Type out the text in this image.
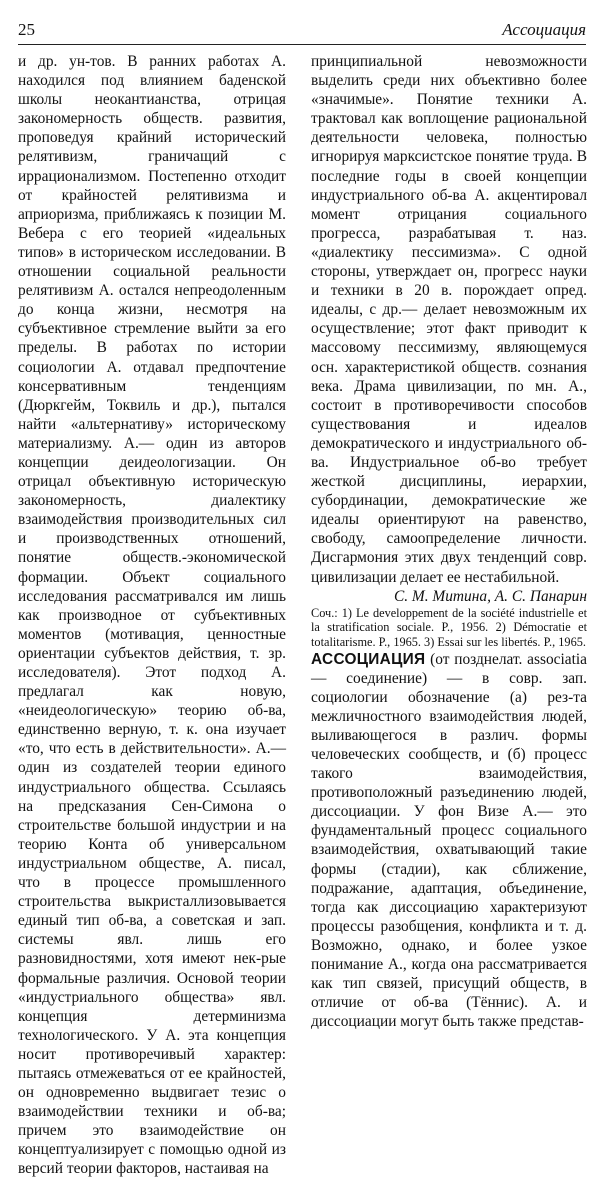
25	Ассоциация

и др. ун-тов. В ранних работах А. находился под влиянием баденской школы неокантианства, отрицая закономерность обществ. развития, проповедуя крайний исторический релятивизм, граничащий с иррационализмом. Постепенно отходит от крайностей релятивизма и априоризма, приближаясь к позиции М. Вебера с его теорией «идеальных типов» в историческом исследовании. В отношении социальной реальности релятивизм А. остался непреодоленным до конца жизни, несмотря на субъективное стремление выйти за его пределы. В работах по истории социологии А. отдавал предпочтение консервативным тенденциям (Дюркгейм, Токвиль и др.), пытался найти «альтернативу» историческому материализму. А.— один из авторов концепции деидеологизации. Он отрицал объективную историческую закономерность, диалектику взаимодействия производительных сил и производственных отношений, понятие обществ.-экономической формации. Объект социального исследования рассматривался им лишь как производное от субъективных моментов (мотивация, ценностные ориентации субъектов действия, т. зр. исследователя). Этот подход А. предлагал как новую, «неидеологическую» теорию об-ва, единственно верную, т. к. она изучает «то, что есть в действительности». А.— один из создателей теории единого индустриального общества. Ссылаясь на предсказания Сен-Симона о строительстве большой индустрии и на теорию Конта об универсальном индустриальном обществе, А. писал, что в процессе промышленного строительства выкристаллизовывается единый тип об-ва, а советская и зап. системы явл. лишь его разновидностями, хотя имеют нек-рые формальные различия. Основой теории «индустриального общества» явл. концепция детерминизма технологического. У А. эта концепция носит противоречивый характер: пытаясь отмежеваться от ее крайностей, он одновременно выдвигает тезис о взаимодействии техники и об-ва; причем это взаимодействие он концептуализирует с помощью одной из версий теории факторов, настаивая на

принципиальной невозможности выделить среди них объективно более «значимые». Понятие техники А. трактовал как воплощение рациональной деятельности человека, полностью игнорируя марксистское понятие труда. В последние годы в своей концепции индустриального об-ва А. акцентировал момент отрицания социального прогресса, разрабатывая т. наз. «диалектику пессимизма». С одной стороны, утверждает он, прогресс науки и техники в 20 в. порождает опред. идеалы, с др.— делает невозможным их осуществление; этот факт приводит к массовому пессимизму, являющемуся осн. характеристикой обществ. сознания века. Драма цивилизации, по мн. А., состоит в противоречивости способов существования и идеалов демократического и индустриального об-ва. Индустриальное об-во требует жесткой дисциплины, иерархии, субординации, демократические же идеалы ориентируют на равенство, свободу, самоопределение личности. Дисгармония этих двух тенденций совр. цивилизации делает ее нестабильной.

С. М. Митина, А. С. Панарин

Соч.: 1) Le developpement de la société industrielle et la stratification sociale. P., 1956. 2) Démocratie et totalitarisme. P., 1965. 3) Essai sur les libertés. P., 1965.

АССОЦИАЦИЯ (от позднелат. associatia — соединение) — в совр. зап. социологии обозначение (а) рез-та межличностного взаимодействия людей, выливающегося в различ. формы человеческих сообществ, и (б) процесс такого взаимодействия, противоположный разъединению людей, диссоциации. У фон Визе А.— это фундаментальный процесс социального взаимодействия, охватывающий такие формы (стадии), как сближение, подражание, адаптация, объединение, тогда как диссоциацию характеризуют процессы разобщения, конфликта и т. д. Возможно, однако, и более узкое понимание А., когда она рассматривается как тип связей, присущий обществ, в отличие от об-ва (Тённис). А. и диссоциации могут быть также представ-
